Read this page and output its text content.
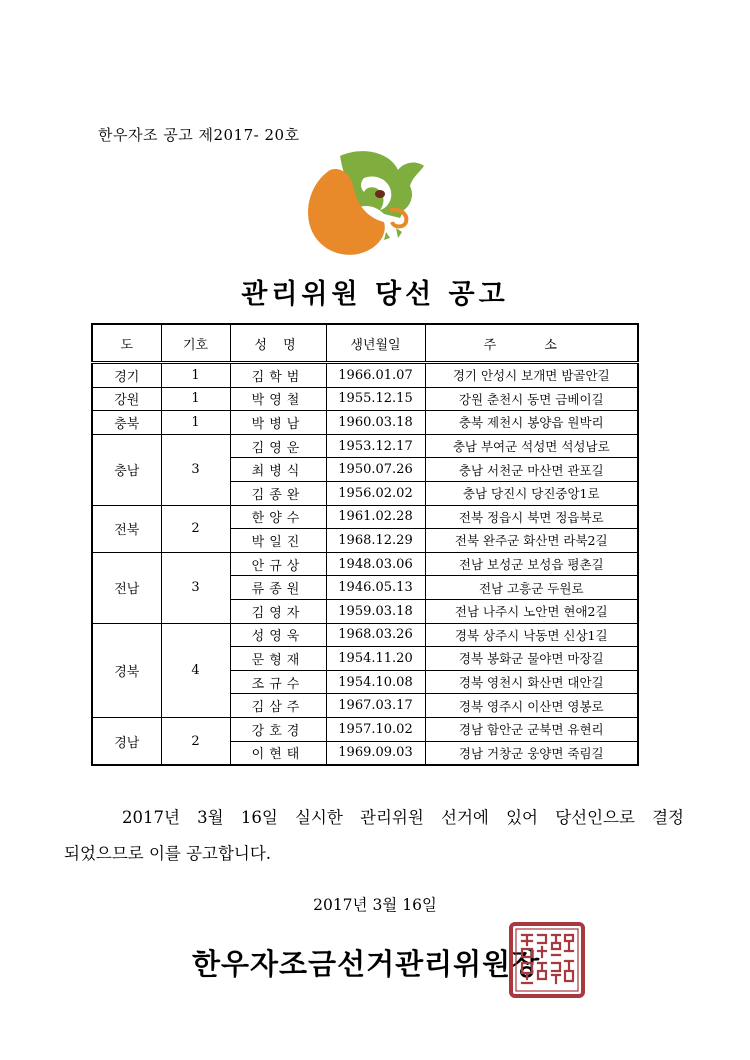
한우자조 공고 제2017- 20호
관리위원 당선 공고
도	기호	성 명	생년월일	주 소
경기	1	김학범	1966.01.07	경기 안성시 보개면 밤골안길
강원	1	박영철	1955.12.15	강원 춘천시 동면 금베이길
충북	1	박병남	1960.03.18	충북 제천시 봉양읍 원박리
충남	3	김영운	1953.12.17	충남 부여군 석성면 석성남로
		최병식	1950.07.26	충남 서천군 마산면 관포길
		김종완	1956.02.02	충남 당진시 당진중앙1로
전북	2	한양수	1961.02.28	전북 정읍시 북면 정읍북로
		박일진	1968.12.29	전북 완주군 화산면 라북2길
전남	3	안규상	1948.03.06	전남 보성군 보성읍 평촌길
		류종원	1946.05.13	전남 고흥군 두원로
		김영자	1959.03.18	전남 나주시 노안면 현애2길
경북	4	성영욱	1968.03.26	경북 상주시 낙동면 신상1길
		문형재	1954.11.20	경북 봉화군 물야면 마장길
		조규수	1954.10.08	경북 영천시 화산면 대안길
		김삼주	1967.03.17	경북 영주시 이산면 영봉로
경남	2	강호경	1957.10.02	경남 함안군 군북면 유현리
		이현태	1969.09.03	경남 거창군 웅양면 죽림길
2017년 3월 16일 실시한 관리위원 선거에 있어 당선인으로 결정
되었으므로 이를 공고합니다.
2017년 3월 16일
한우자조금선거관리위원장
